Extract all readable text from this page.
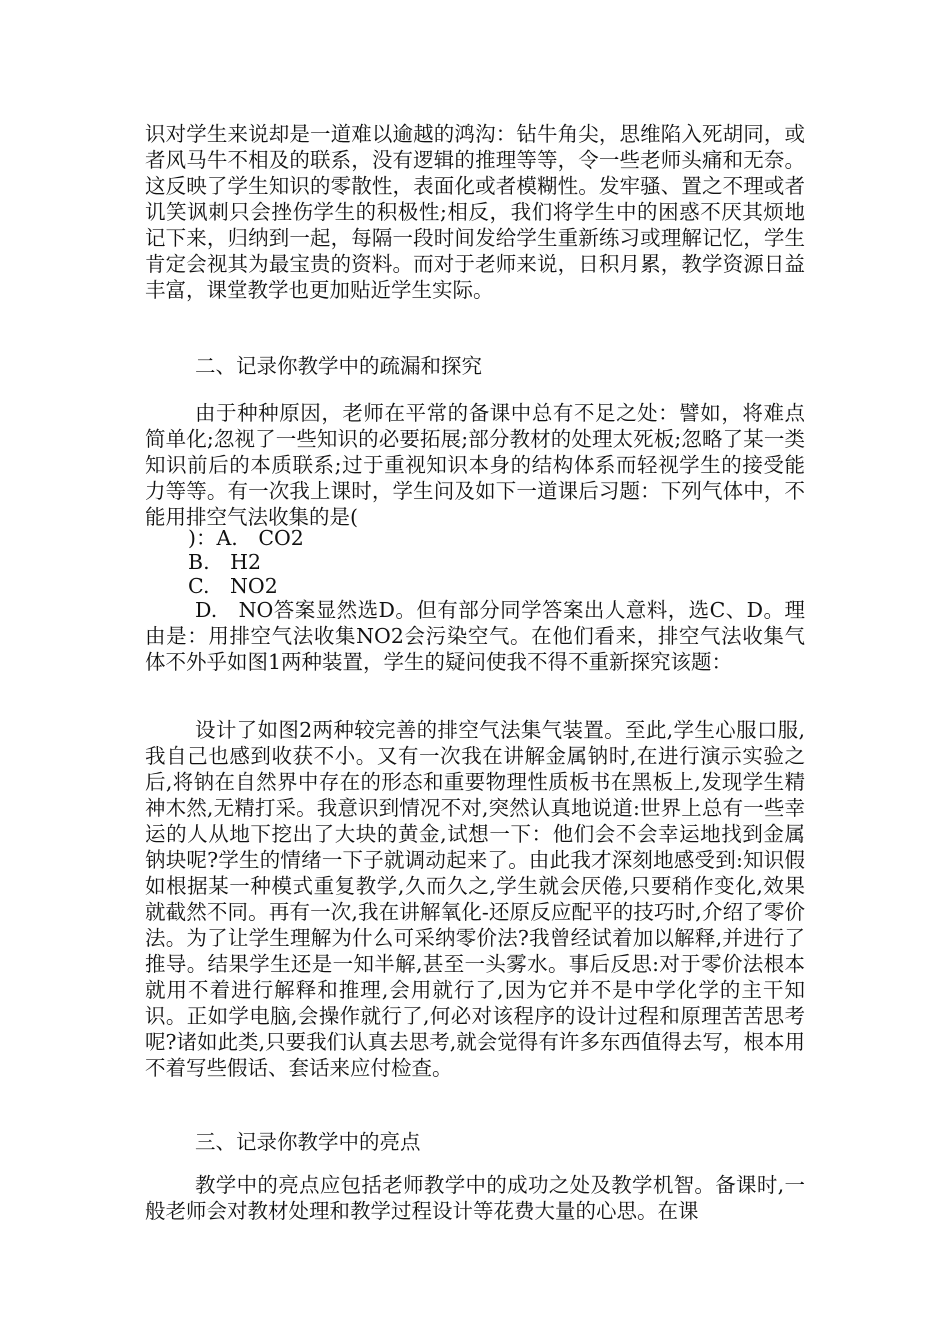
识对学生来说却是一道难以逾越的鸿沟：钻牛角尖，思维陷入死胡同，或者风马牛不相及的联系，没有逻辑的推理等等，令一些老师头痛和无奈。这反映了学生知识的零散性，表面化或者模糊性。发牢骚、置之不理或者讥笑讽刺只会挫伤学生的积极性;相反，我们将学生中的困惑不厌其烦地记下来，归纳到一起，每隔一段时间发给学生重新练习或理解记忆，学生肯定会视其为最宝贵的资料。而对于老师来说，日积月累，教学资源日益丰富，课堂教学也更加贴近学生实际。

二、记录你教学中的疏漏和探究

由于种种原因，老师在平常的备课中总有不足之处：譬如，将难点简单化;忽视了一些知识的必要拓展;部分教材的处理太死板;忽略了某一类知识前后的本质联系;过于重视知识本身的结构体系而轻视学生的接受能力等等。有一次我上课时，学生问及如下一道课后习题：下列气体中，不能用排空气法收集的是(

)：A.　CO2

B.　H2

C.　NO2

D.　NO答案显然选D。但有部分同学答案出人意料，选C、D。理由是：用排空气法收集NO2会污染空气。在他们看来，排空气法收集气体不外乎如图1两种装置，学生的疑问使我不得不重新探究该题：

设计了如图2两种较完善的排空气法集气装置。至此,学生心服口服,我自己也感到收获不小。又有一次我在讲解金属钠时,在进行演示实验之后,将钠在自然界中存在的形态和重要物理性质板书在黑板上,发现学生精神木然,无精打采。我意识到情况不对,突然认真地说道:世界上总有一些幸运的人从地下挖出了大块的黄金,试想一下：他们会不会幸运地找到金属钠块呢?学生的情绪一下子就调动起来了。由此我才深刻地感受到:知识假如根据某一种模式重复教学,久而久之,学生就会厌倦,只要稍作变化,效果就截然不同。再有一次,我在讲解氧化-还原反应配平的技巧时,介绍了零价法。为了让学生理解为什么可采纳零价法?我曾经试着加以解释,并进行了推导。结果学生还是一知半解,甚至一头雾水。事后反思:对于零价法根本就用不着进行解释和推理,会用就行了,因为它并不是中学化学的主干知识。正如学电脑,会操作就行了,何必对该程序的设计过程和原理苦苦思考呢?诸如此类,只要我们认真去思考,就会觉得有许多东西值得去写，根本用不着写些假话、套话来应付检查。

三、记录你教学中的亮点

教学中的亮点应包括老师教学中的成功之处及教学机智。备课时,一般老师会对教材处理和教学过程设计等花费大量的心思。在课
